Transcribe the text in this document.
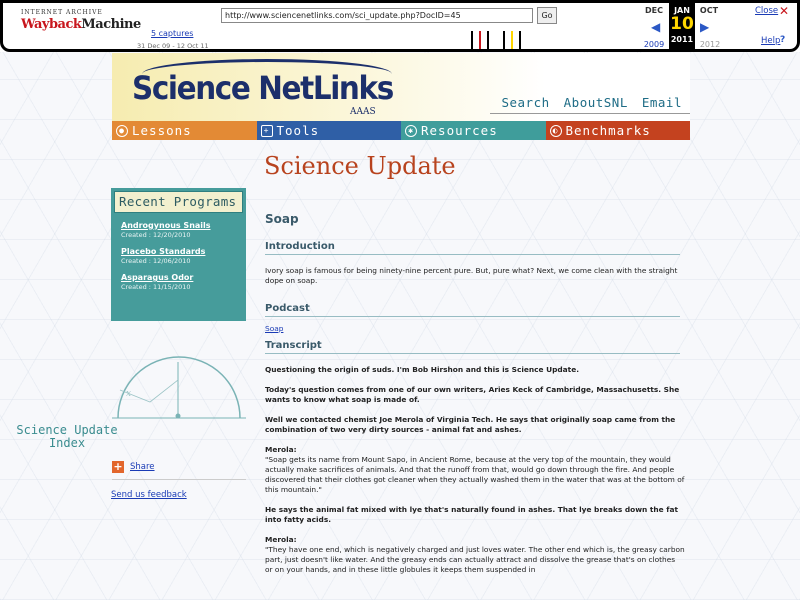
INTERNET ARCHIVE
WaybackMachine
http://www.sciencenetlinks.com/sci_update.php?DocID=45	Go
5 captures
31 Dec 09 - 12 Oct 11
DEC
◀
JAN
10
2011
▶
OCT
2009	2012
Close ✕
Help ?
Science NetLinks
AAAS
Search AboutSNL Email
● Lessons	+ Tools	✱ Resources	◐ Benchmarks
Science Update
Recent Programs
Androgynous Snails
Created : 12/20/2010
Placebo Standards
Created : 12/06/2010
Asparagus Odor
Created : 11/15/2010
x
Science Update
Index
+ Share
Send us feedback
Soap
Introduction
Ivory soap is famous for being ninety-nine percent pure. But, pure what? Next, we come clean with the straight dope on soap.
Podcast
Soap
Transcript
Questioning the origin of suds. I'm Bob Hirshon and this is Science Update.
Today's question comes from one of our own writers, Aries Keck of Cambridge, Massachusetts. She wants to know what soap is made of.
Well we contacted chemist Joe Merola of Virginia Tech. He says that originally soap came from the combination of two very dirty sources - animal fat and ashes.
Merola:
"Soap gets its name from Mount Sapo, in Ancient Rome, because at the very top of the mountain, they would actually make sacrifices of animals. And that the runoff from that, would go down through the fire. And people discovered that their clothes got cleaner when they actually washed them in the water that was at the bottom of this mountain."
He says the animal fat mixed with lye that's naturally found in ashes. That lye breaks down the fat into fatty acids.
Merola:
"They have one end, which is negatively charged and just loves water. The other end which is, the greasy carbon part, just doesn't like water. And the greasy ends can actually attract and dissolve the grease that's on clothes or on your hands, and in these little globules it keeps them suspended in
